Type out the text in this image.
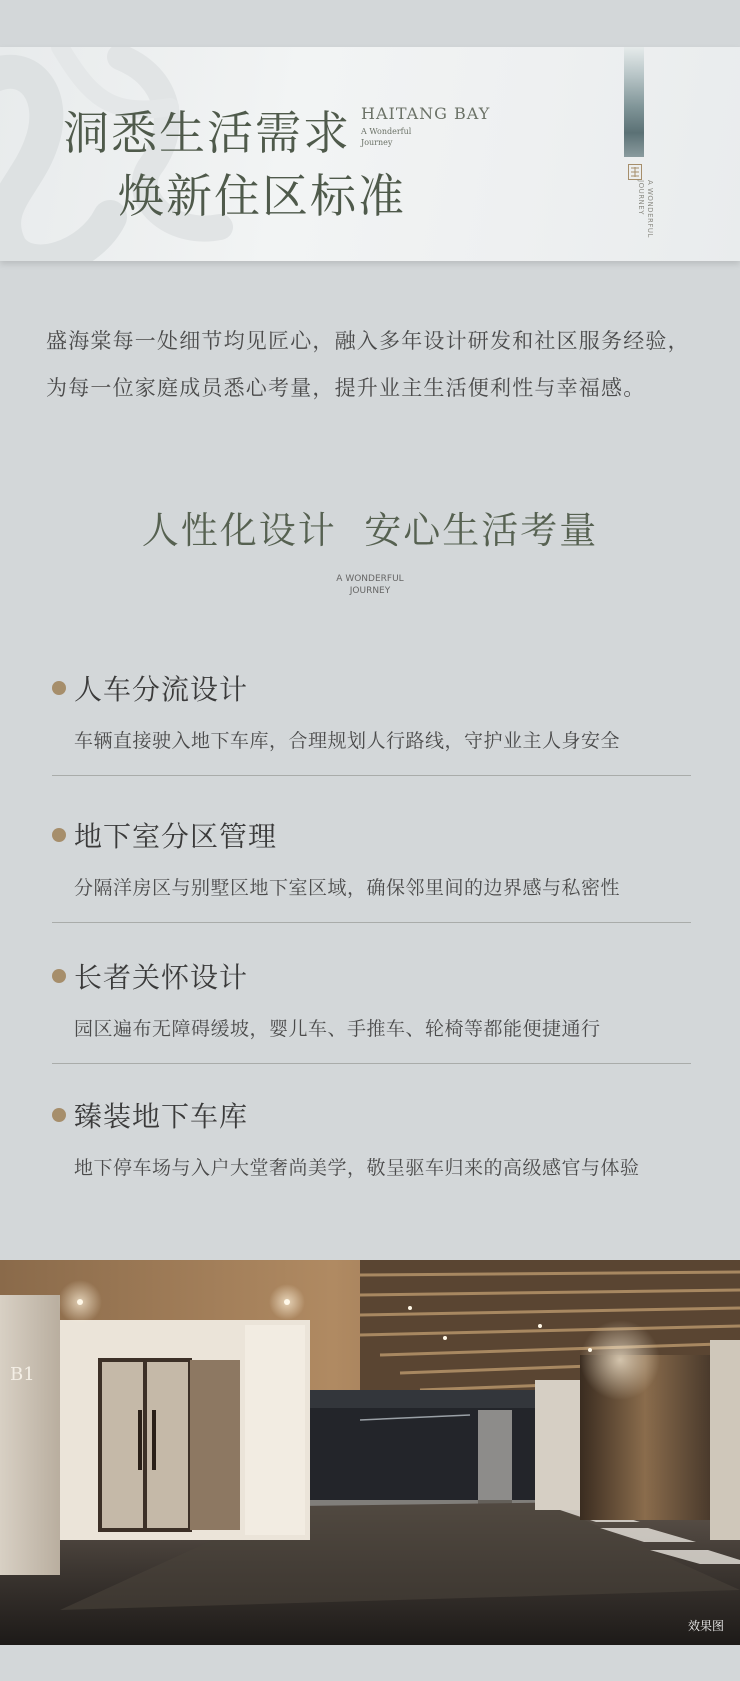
洞悉生活需求
焕新住区标准
HAITANG BAY
A Wonderful Journey
A WONDERFUL JOURNEY

盛海棠每一处细节均见匠心，融入多年设计研发和社区服务经验，为每一位家庭成员悉心考量，提升业主生活便利性与幸福感。

人性化设计  安心生活考量
A WONDERFUL
JOURNEY
人车分流设计
车辆直接驶入地下车库，合理规划人行路线，守护业主人身安全
地下室分区管理
分隔洋房区与别墅区地下室区域，确保邻里间的边界感与私密性
长者关怀设计
园区遍布无障碍缓坡，婴儿车、手推车、轮椅等都能便捷通行
臻装地下车库
地下停车场与入户大堂奢尚美学，敬呈驱车归来的高级感官与体验
B1
效果图
